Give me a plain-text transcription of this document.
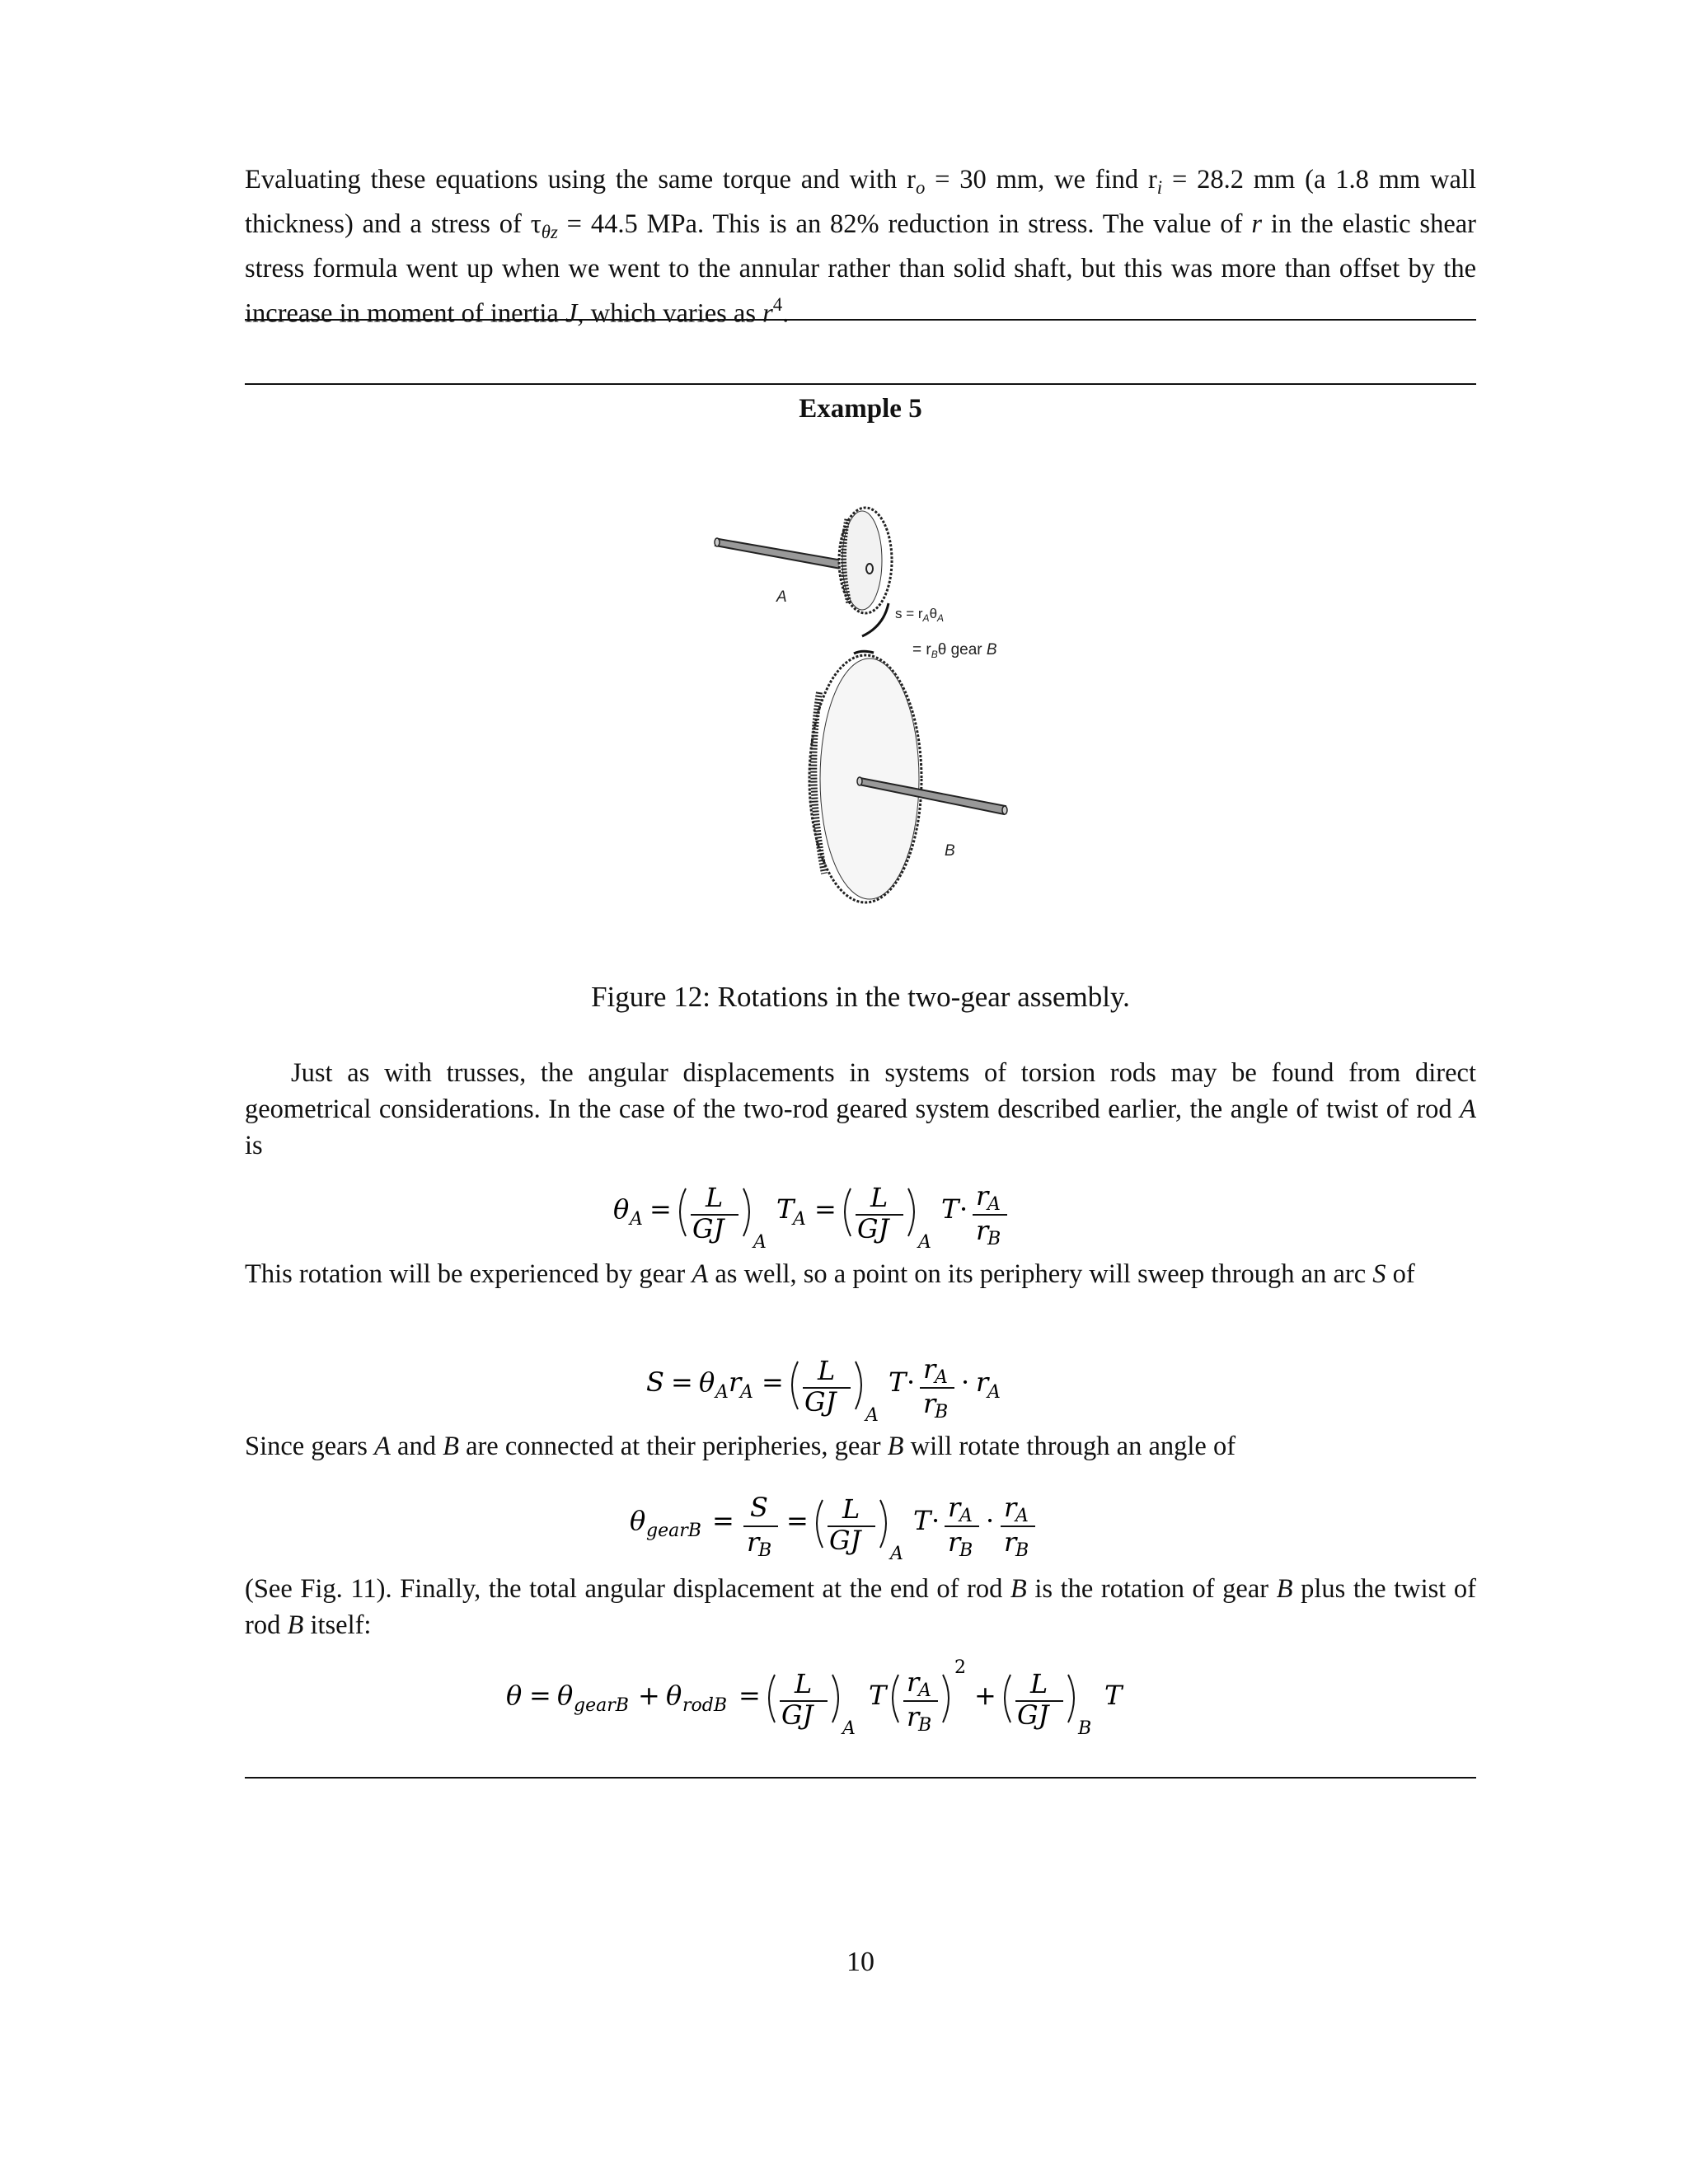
Evaluating these equations using the same torque and with $r_o = 30$ mm, we find $r_i = 28.2$ mm (a 1.8 mm wall thickness) and a stress of $\tau_{\theta z} = 44.5$ MPa. This is an 82% reduction in stress. The value of r in the elastic shear stress formula went up when we went to the annular rather than solid shaft, but this was more than offset by the increase in moment of inertia J, which varies as $r^4$.

Example 5
A
B
$s = r_A\theta_A$
= $r_B\theta$ gear B
Figure 12: Rotations in the two-gear assembly.

Just as with trusses, the angular displacements in systems of torsion rods may be found from direct geometrical considerations. In the case of the two-rod geared system described earlier, the angle of twist of rod A is

θ A = L
GJ A
T
A = L
GJ A
T · r
A
r
B

This rotation will be experienced by gear A as well, so a point on its periphery will sweep through an arc S of

S = θ A r
A = L
GJ A
T · r
A
r
B
· r
A

Since gears A and B are connected at their peripheries, gear B will rotate through an angle of

θ gearB = S
r
B
= L
GJ A
T · r
A
r
B
· r
A
r
B

(See Fig. 11). Finally, the total angular displacement at the end of rod B is the rotation of gear B plus the twist of rod B itself:

θ = θ gearB + θ rodB = L
GJ A
T r
A
r
B
2
+ L
GJ B
T
10
